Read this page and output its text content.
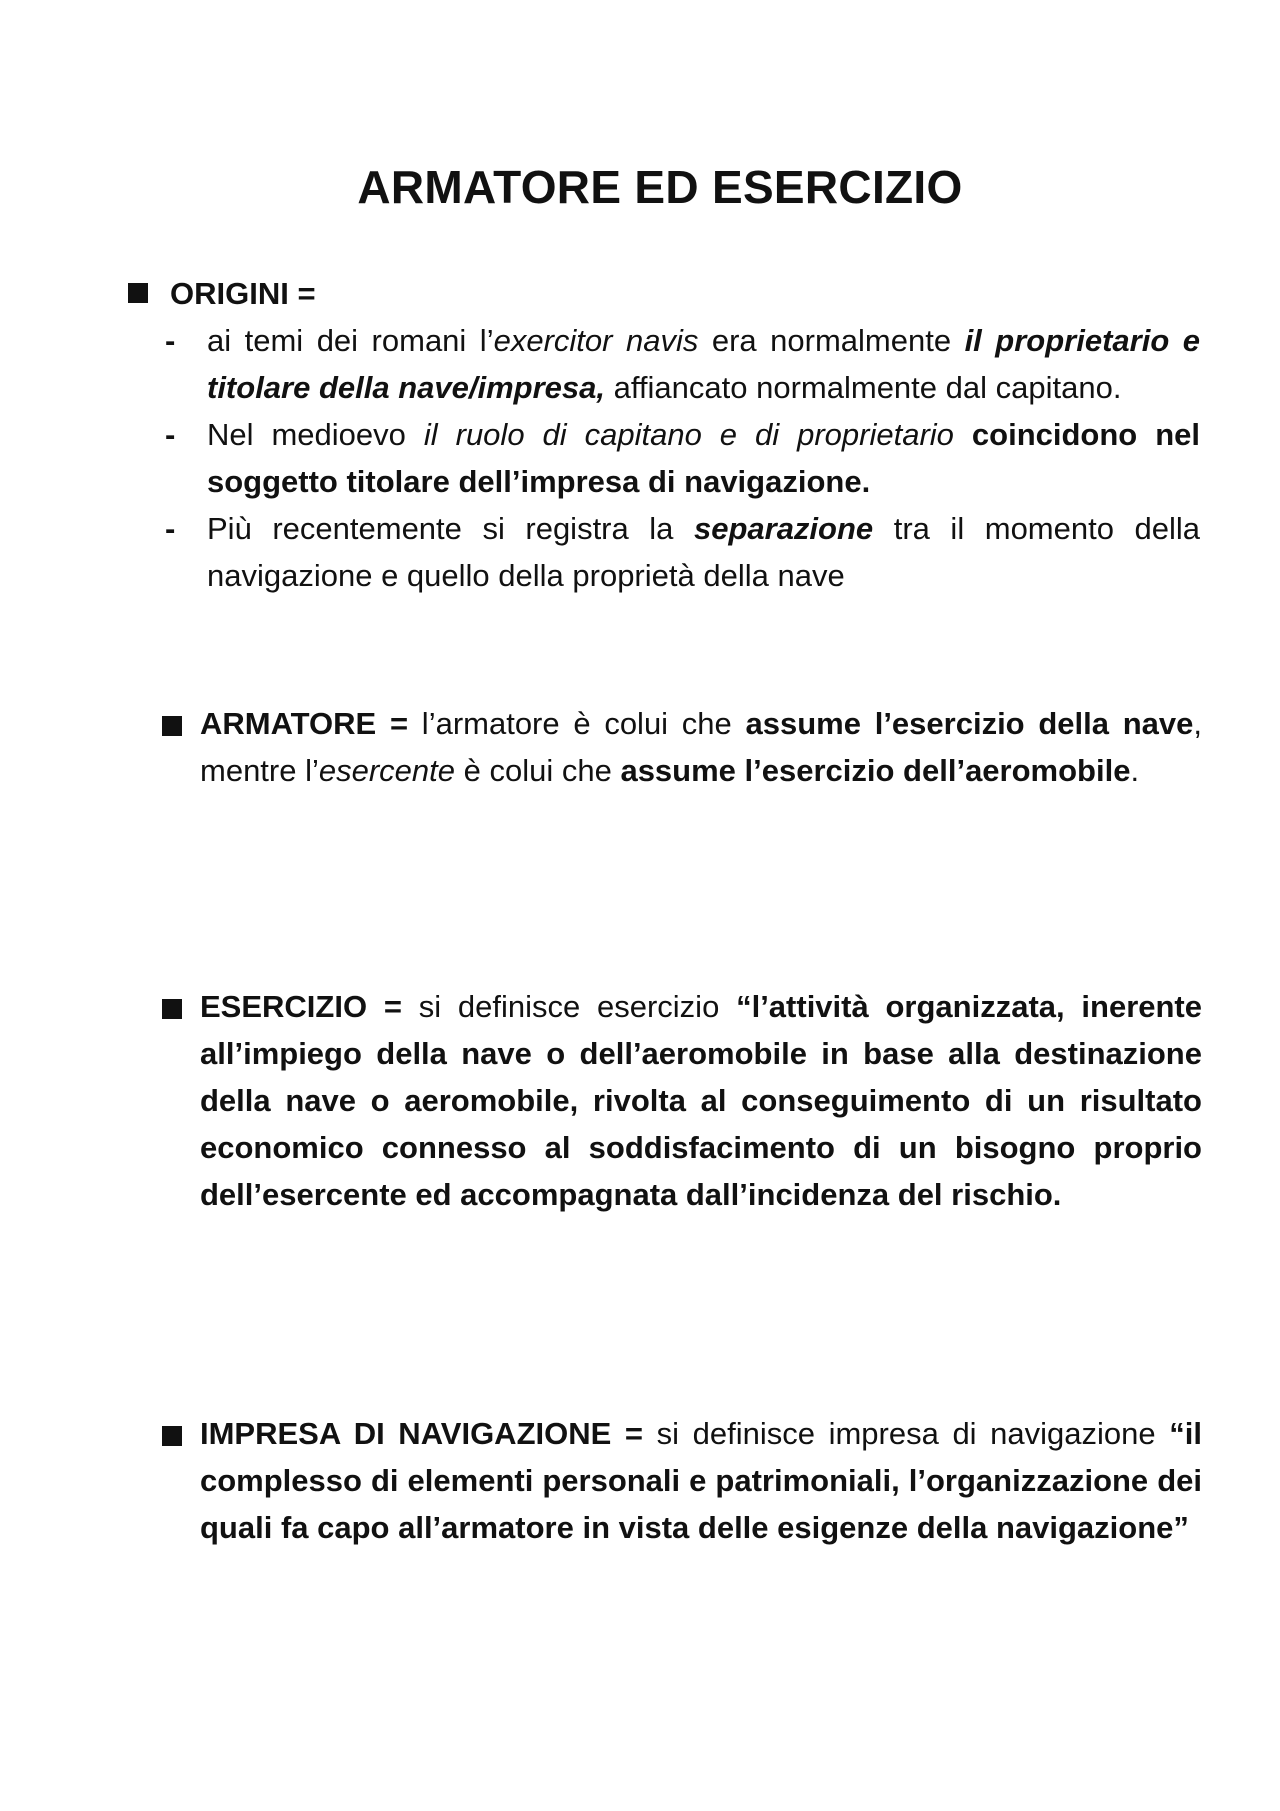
ARMATORE ED ESERCIZIO
ORIGINI =
- ai temi dei romani l’exercitor navis era normalmente il proprietario e titolare della nave/impresa, affiancato normalmente dal capitano.
- Nel medioevo il ruolo di capitano e di proprietario coincidono nel soggetto titolare dell’impresa di navigazione.
- Più recentemente si registra la separazione tra il momento della navigazione e quello della proprietà della nave
ARMATORE = l’armatore è colui che assume l’esercizio della nave, mentre l’esercente è colui che assume l’esercizio dell’aeromobile.
ESERCIZIO = si definisce esercizio “l’attività organizzata, inerente all’impiego della nave o dell’aeromobile in base alla destinazione della nave o aeromobile, rivolta al conseguimento di un risultato economico connesso al soddisfacimento di un bisogno proprio dell’esercente ed accompagnata dall’incidenza del rischio.
IMPRESA DI NAVIGAZIONE = si definisce impresa di navigazione “il complesso di elementi personali e patrimoniali, l’organizzazione dei quali fa capo all’armatore in vista delle esigenze della navigazione”
